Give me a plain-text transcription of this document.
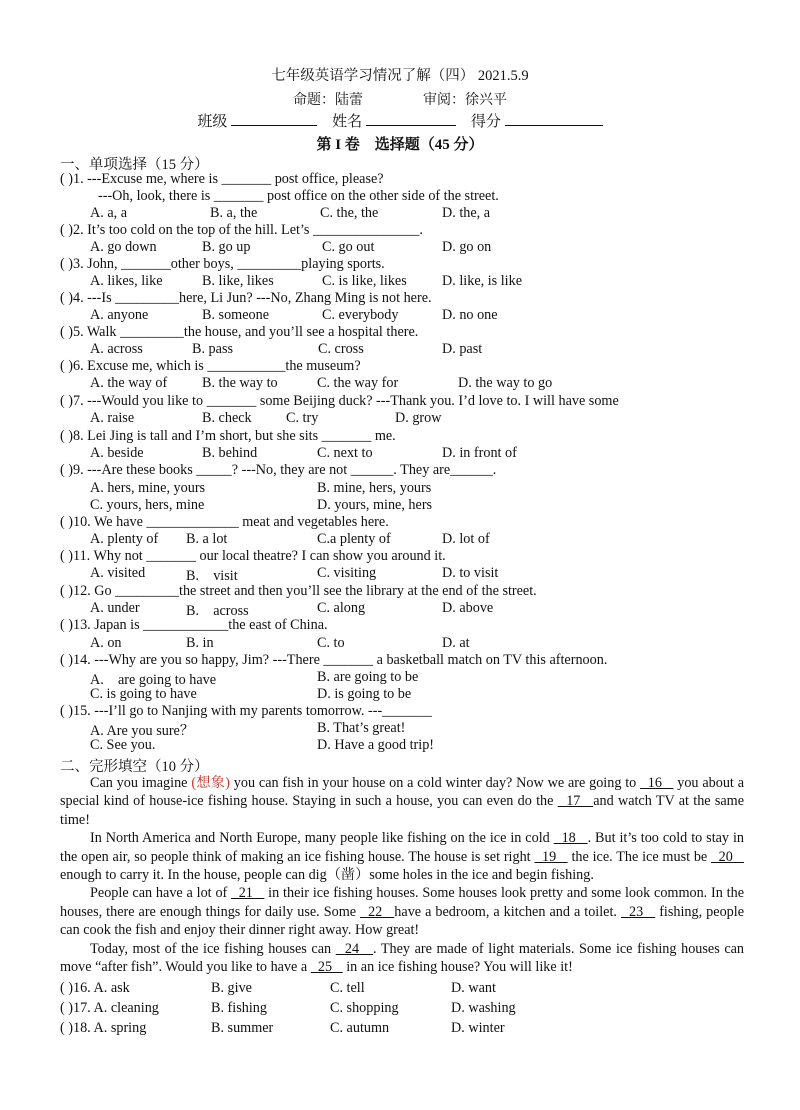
七年级英语学习情况了解（四） 2021.5.9
命题：陆蕾	审阅：徐兴平
班级	姓名	得分
第 I 卷　选择题（45 分）
一、单项选择（15 分）
( )1. ---Excuse me, where is _______ post office, please?
---Oh, look, there is _______ post office on the other side of the street.
A. a, a	B. a, the	C. the, the	D. the, a
( )2. It’s too cold on the top of the hill. Let’s _______________.
A. go down	B. go up	C. go out	D. go on
( )3. John, _______other boys, _________playing sports.
A. likes, like	B. like, likes	C. is like, likes D. like, is like
( )4. ---Is _________here, Li Jun? ---No, Zhang Ming is not here.
A. anyone	B. someone	C. everybody	D. no one
( )5. Walk _________the house, and you’ll see a hospital there.
A. across	B. pass	C. cross	D. past
( )6. Excuse me, which is ___________the museum?
A. the way of B. the way to	C. the way for	D. the way to go
( )7. ---Would you like to _______ some Beijing duck? ---Thank you. I’d love to. I will have some
A. raise	B. check C. try	D. grow
( )8. Lei Jing is tall and I’m short, but she sits _______ me.
A. beside	B. behind	C. next to	D. in front of
( )9. ---Are these books _____? ---No, they are not ______. They are______.
A. hers, mine, yours	B. mine, hers, yours
C. yours, hers, mine	D. yours, mine, hers
( )10. We have _____________ meat and vegetables here.
A. plenty of B. a lot	C.a plenty of	D. lot of
( )11. Why not _______ our local theatre? I can show you around it.
A. visited	B.　visit	C. visiting	D. to visit
( )12. Go _________the street and then you’ll see the library at the end of the street.
A. under	B.　across	C. along	D. above
( )13. Japan is ____________the east of China.
A. on	B. in	C. to	D. at
( )14. ---Why are you so happy, Jim? ---There _______ a basketball match on TV this afternoon.
A.　are going to have	B. are going to be
C. is going to have	D. is going to be
( )15. ---I’ll go to Nanjing with my parents tomorrow. ---_______
A. Are you sure？	B. That’s great!
C. See you.	D. Have a good trip!
二、完形填空（10 分）

Can you imagine (想象) you can fish in your house on a cold winter day? Now we are going to   16    you about a special kind of house-ice fishing house. Staying in such a house, you can even do the   17   and watch TV at the same time!

In North America and North Europe, many people like fishing on the ice in cold   18   . But it’s too cold to stay in the open air, so people think of making an ice fishing house. The house is set right   19    the ice. The ice must be   20    enough to carry it. In the house, people can dig（凿）some holes in the ice and begin fishing.

People can have a lot of   21    in their ice fishing houses. Some houses look pretty and some look common. In the houses, there are enough things for daily use. Some   22   have a bedroom, a kitchen and a toilet.   23    fishing, people can cook the fish and enjoy their dinner right away. How great!

Today, most of the ice fishing houses can   24   . They are made of light materials. Some ice fishing houses can move “after fish”. Would you like to have a   25    in an ice fishing house? You will like it!

( )16. A. ask	B. give	C. tell	D. want
( )17. A. cleaning	B. fishing	C. shopping	D. washing
( )18. A. spring	B. summer	C. autumn	D. winter
